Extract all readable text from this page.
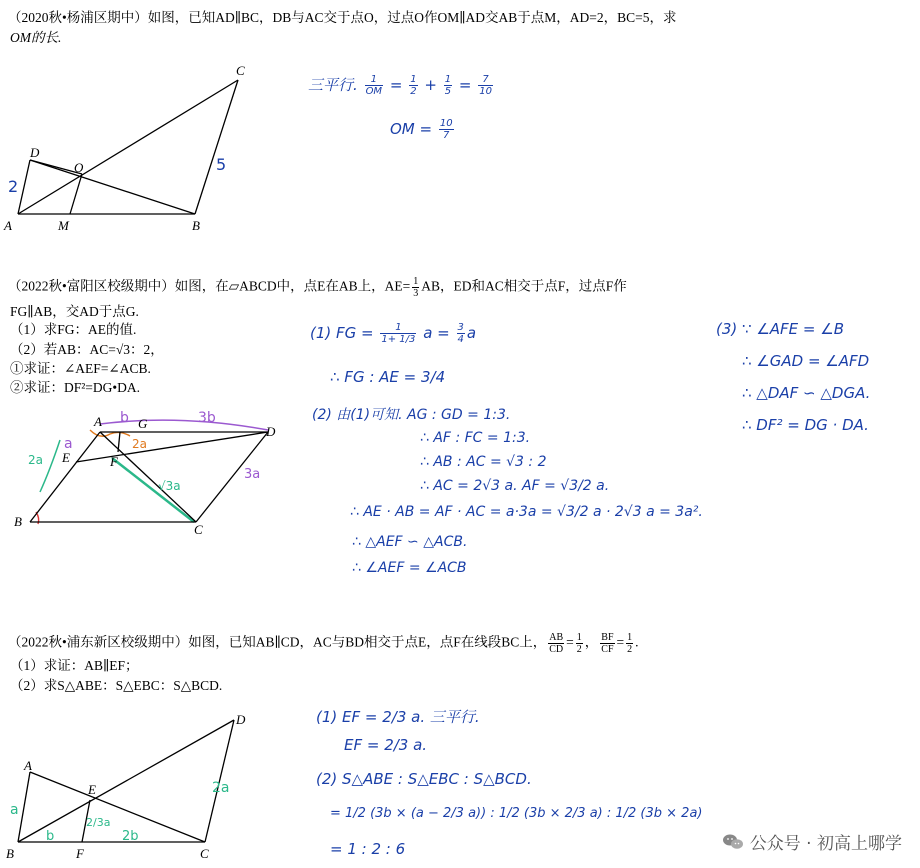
（2020秋•杨浦区期中）如图，已知AD∥BC，DB与AC交于点O，过点O作OM∥AD交AB于点M，AD=2，BC=5，求
OM的长.
A	B
C
D
O
M
2
5
三平行. $\frac{1}{OM} = \frac{1}{2} + \frac{1}{5} = \frac{7}{10}$
OM = $\frac{10}{7}$
（2022秋•富阳区校级期中）如图，在▱ABCD中，点E在AB上，$AE= \frac{1}{3}$ AB，ED和AC相交于点F，过点F作
FG∥AB，交AD于点G.
（1）求FG：AE的值.
（2）若AB：AC=√3：2，
①求证：∠AEF=∠ACB.
②求证：DF²=DG•DA.
A	G
D
E	F
B
C
b	3b
a
2a
2a
3a
√3a
(1) FG = $\frac{1}{1+ 1/3}$ $a = \frac{3}{4}$ a
∴ FG : AE = 3/4
(2) 由(1)可知. AG : GD = 1:3.
∴ AF : FC = 1:3.
∴ AB : AC = √3 : 2
∴ AC = 2√3 a. AF = √3/2 a.
∴ AE · AB = AF · AC = a·3a = √3/2 a · 2√3 a = 3a².
∴ △AEF ∽ △ACB.
∴ ∠AEF = ∠ACB
(3) ∵ ∠AFE = ∠B
∴ ∠GAD = ∠AFD
∴ △DAF ∽ △DGA.
∴ DF² = DG · DA.
（2022秋•浦东新区校级期中）如图，已知AB∥CD，AC与BD相交于点E，点F在线段BC上， $\frac{AB}{CD} = \frac{1}{2}$ ， $\frac{BF}{CF} = \frac{1}{2}$ .
（1）求证：AB∥EF；
（2）求S△ABE：S△EBC：S△BCD.
A
B	C
D
E
F
a
2a
b	2b
2/3a
(1) EF = 2/3 a. 三平行.
EF = 2/3 a.
(2) S△ABE : S△EBC : S△BCD.
= 1/2 (3b × (a − 2/3 a)) : 1/2 (3b × 2/3 a) : 1/2 (3b × 2a)
= 1 : 2 : 6	公众号 · 初高上哪学
